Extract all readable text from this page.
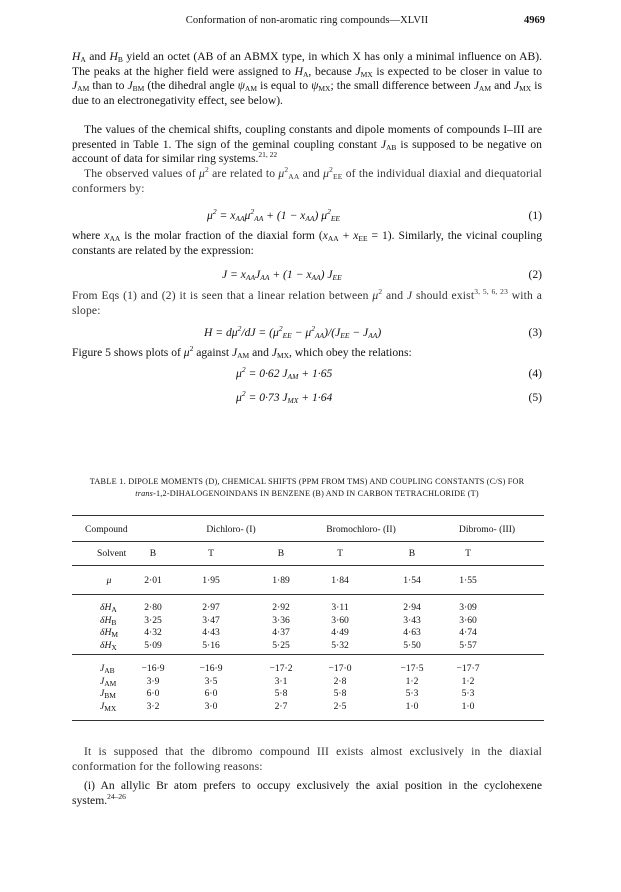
Conformation of non-aromatic ring compounds—XLVII	4969

$H_A$ and $H_B$ yield an octet (AB of an ABMX type, in which X has only a minimal influence on AB). The peaks at the higher field were assigned to $H_A$, because $J_{MX}$ is expected to be closer in value to $J_{AM}$ than to $J_{BM}$ (the dihedral angle $\psi_{AM}$ is equal to $\psi_{MX}$; the small difference between $J_{AM}$ and $J_{MX}$ is due to an electronegativity effect, see below).

The values of the chemical shifts, coupling constants and dipole moments of compounds I–III are presented in Table 1. The sign of the geminal coupling constant $J_{AB}$ is supposed to be negative on account of data for similar ring systems.$^{21, 22}$

The observed values of $\mu^2$ are related to $\mu^2_{AA}$ and $\mu^2_{EE}$ of the individual diaxial and diequatorial conformers by:

$\mu^2 = x_{AA}\mu^2_{AA} + (1 - x_{AA})$ $\mu^2_{EE}$	(1)

where $x_{AA}$ is the molar fraction of the diaxial form $(x_{AA} + x_{EE} = 1)$. Similarly, the vicinal coupling constants are related by the expression:

$J = x_{AA}J_{AA} + (1 - x_{AA})$ $J_{EE}$	(2)

From Eqs (1) and (2) it is seen that a linear relation between $\mu^2$ and J should exist$^{3, 5, 6, 23}$ with a slope:

$H = d\mu^2/dJ = (\mu^2_{EE} - \mu^2_{AA})/(J_{EE} - J_{AA})$	(3)

Figure 5 shows plots of $\mu^2$ against $J_{AM}$ and $J_{MX}$, which obey the relations:

$\mu^2 = 0\cdot 62$ $J_{AM} + 1\cdot 65$	(4)
$\mu^2 = 0\cdot 73$ $J_{MX} + 1\cdot 64$	(5)
TABLE 1. DIPOLE MOMENTS (D), CHEMICAL SHIFTS (PPM FROM TMS) AND COUPLING CONSTANTS (C/S) FOR
trans-1,2-DIHALOGENOINDANS IN BENZENE (B) AND IN CARBON TETRACHLORIDE (T)
Compound	Dichloro- (I)	Bromochloro- (II)	Dibromo- (III)
Solvent B	T	B	T	B	T
μ	2·01	1·95	1·89	1·84	1·54	1·55
$\delta H_A$	2·80	2·97	2·92	3·11	2·94	3·09
$\delta H_B$	3·25	3·47	3·36	3·60	3·43	3·60
$\delta H_M$	4·32	4·43	4·37	4·49	4·63	4·74
$\delta H_X$	5·09	5·16	5·25	5·32	5·50	5·57
$J_{AB}$	−16·9	−16·9	−17·2	−17·0	−17·5	−17·7
$J_{AM}$	3·9	3·5	3·1	2·8	1·2	1·2
$J_{BM}$	6·0	6·0	5·8	5·8	5·3	5·3
$J_{MX}$	3·2	3·0	2·7	2·5	1·0	1·0

It is supposed that the dibromo compound III exists almost exclusively in the diaxial conformation for the following reasons:

(i) An allylic Br atom prefers to occupy exclusively the axial position in the cyclohexene system.$^{24-26}$
